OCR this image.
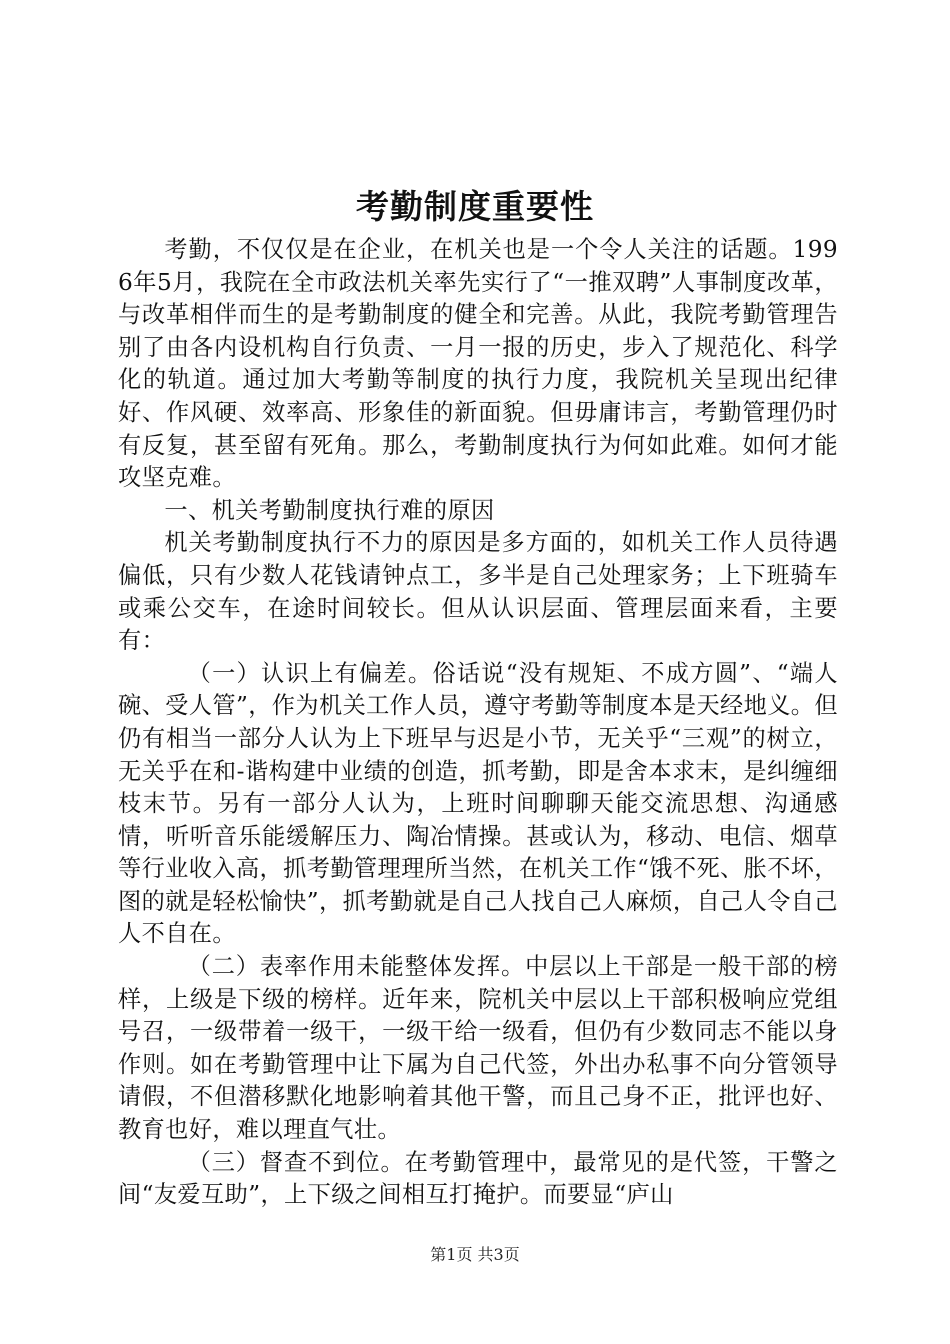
考勤制度重要性

考勤，不仅仅是在企业，在机关也是一个令人关注的话题。1996年5月，我院在全市政法机关率先实行了“一推双聘”人事制度改革，与改革相伴而生的是考勤制度的健全和完善。从此，我院考勤管理告别了由各内设机构自行负责、一月一报的历史，步入了规范化、科学化的轨道。通过加大考勤等制度的执行力度，我院机关呈现出纪律好、作风硬、效率高、形象佳的新面貌。但毋庸讳言，考勤管理仍时有反复，甚至留有死角。那么，考勤制度执行为何如此难。如何才能攻坚克难。

一、机关考勤制度执行难的原因

机关考勤制度执行不力的原因是多方面的，如机关工作人员待遇偏低，只有少数人花钱请钟点工，多半是自己处理家务；上下班骑车或乘公交车，在途时间较长。但从认识层面、管理层面来看，主要有：

（一）认识上有偏差。俗话说“没有规矩、不成方圆”、“端人碗、受人管”，作为机关工作人员，遵守考勤等制度本是天经地义。但仍有相当一部分人认为上下班早与迟是小节，无关乎“三观”的树立，无关乎在和-谐构建中业绩的创造，抓考勤，即是舍本求末，是纠缠细枝末节。另有一部分人认为，上班时间聊聊天能交流思想、沟通感情，听听音乐能缓解压力、陶冶情操。甚或认为，移动、电信、烟草等行业收入高，抓考勤管理理所当然，在机关工作“饿不死、胀不坏，图的就是轻松愉快”，抓考勤就是自己人找自己人麻烦，自己人令自己人不自在。

（二）表率作用未能整体发挥。中层以上干部是一般干部的榜样，上级是下级的榜样。近年来，院机关中层以上干部积极响应党组号召，一级带着一级干，一级干给一级看，但仍有少数同志不能以身作则。如在考勤管理中让下属为自己代签，外出办私事不向分管领导请假，不但潜移默化地影响着其他干警，而且己身不正，批评也好、教育也好，难以理直气壮。

（三）督查不到位。在考勤管理中，最常见的是代签，干警之间“友爱互助”，上下级之间相互打掩护。而要显“庐山

第1页 共3页
